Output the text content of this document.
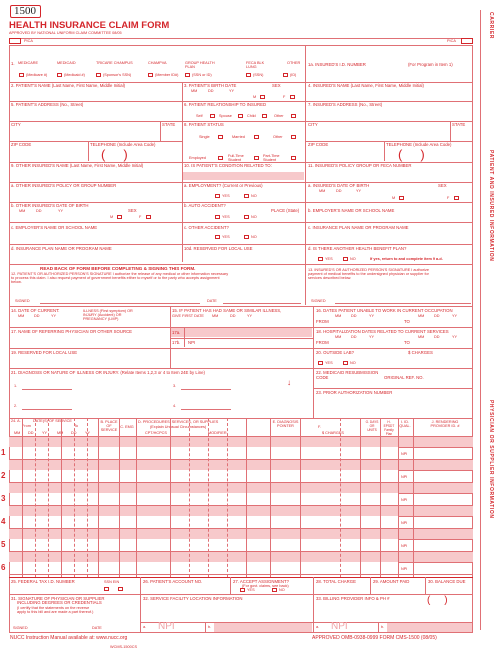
1500
HEALTH INSURANCE CLAIM FORM
APPROVED BY NATIONAL UNIFORM CLAIM COMMITTEE 08/05
PICA	PICA
CARRIER
PATIENT AND INSURED INFORMATION
PHYSICIAN OR SUPPLIER INFORMATION
1. MEDICARE	MEDICAID	TRICARE CHAMPUS	CHAMPVA	GROUP HEALTH PLAN
FECA BLK LUNG
OTHER
(Medicare #)	(Medicaid #)	(Sponsor's SSN)	(Member ID#)	(SSN or ID)	(SSN)	(ID)
1a. INSURED'S I.D. NUMBER	(For Program in Item 1)
2. PATIENT'S NAME (Last Name, First Name, Middle Initial)	3. PATIENT'S BIRTH DATE
MM	DD	YY
SEX
M	F
4. INSURED'S NAME (Last Name, First Name, Middle Initial)
5. PATIENT'S ADDRESS (No., Street)	6. PATIENT RELATIONSHIP TO INSURED
Self	Spouse	Child	Other
7. INSURED'S ADDRESS (No., Street)
CITY	STATE 8. PATIENT STATUS
Single	Married	Other
CITY	STATE
ZIP CODE	TELEPHONE (Include Area Code)
(     )	Employed	Full-Time Student
Part-Time Student
ZIP CODE	TELEPHONE (Include Area Code)
(     )
9. OTHER INSURED'S NAME (Last Name, First Name, Middle Initial)	10. IS PATIENT'S CONDITION RELATED TO:	11. INSURED'S POLICY GROUP OR FECA NUMBER
a. OTHER INSURED'S POLICY OR GROUP NUMBER	a. EMPLOYMENT? (Current or Previous)
YES	NO
a. INSURED'S DATE OF BIRTH
MM	DD	YY
SEX
M	F
b. OTHER INSURED'S DATE OF BIRTH
MM	DD	YY	SEX
M	F
b. AUTO ACCIDENT?
PLACE (State)
YES	NO
b. EMPLOYER'S NAME OR SCHOOL NAME
c. EMPLOYER'S NAME OR SCHOOL NAME	c. OTHER ACCIDENT?
YES	NO
c. INSURANCE PLAN NAME OR PROGRAM NAME
d. INSURANCE PLAN NAME OR PROGRAM NAME	10d. RESERVED FOR LOCAL USE	d. IS THERE ANOTHER HEALTH BENEFIT PLAN?
YES	NO	If yes, return to and complete item 9 a-d.
READ BACK OF FORM BEFORE COMPLETING & SIGNING THIS FORM.
12. PATIENT'S OR AUTHORIZED PERSON'S SIGNATURE I authorize the release of any medical or other information necessary
to process this claim. I also request payment of government benefits either to myself or to the party who accepts assignment
below.
SIGNED	DATE
13. INSURED'S OR AUTHORIZED PERSON'S SIGNATURE I authorize
payment of medical benefits to the undersigned physician or supplier for
services described below.
SIGNED
14. DATE OF CURRENT:
MM	DD	YY
ILLNESS (First symptom) OR
INJURY (Accident) OR
PREGNANCY (LMP)
15. IF PATIENT HAS HAD SAME OR SIMILAR ILLNESS,
GIVE FIRST DATE MM	DD	YY
16. DATES PATIENT UNABLE TO WORK IN CURRENT OCCUPATION
MM	DD	YY	MM	DD	YY
FROM	TO
17. NAME OF REFERRING PHYSICIAN OR OTHER SOURCE	17a.
17b. NPI
18. HOSPITALIZATION DATES RELATED TO CURRENT SERVICES
MM	DD	YY	MM	DD	YY
FROM	TO
19. RESERVED FOR LOCAL USE	20. OUTSIDE LAB?	$ CHARGES
YES	NO
21. DIAGNOSIS OR NATURE OF ILLNESS OR INJURY. (Relate Items 1,2,3 or 4 to Item 24E by Line)
1.	3.	↓
2.	4.
22. MEDICAID RESUBMISSION
CODE	ORIGINAL REF. NO.
23. PRIOR AUTHORIZATION NUMBER
24. A.	DATE(S) OF SERVICE
From	To
MM DD YY	MM DD YY
B. PLACE OF SERVICE
C. EMG
D. PROCEDURES, SERVICES, OR SUPPLIES
(Explain Unusual Circumstances)
CPT/HCPCS	MODIFIER
E. DIAGNOSIS POINTER	F.
$ CHARGES
G. DAYS OR UNITS
H. EPSDT Family Plan
I. ID. QUAL.
J. RENDERING PROVIDER ID. #
1	NPI
2	NPI
3	NPI
4	NPI
5	NPI
6	NPI
25. FEDERAL TAX I.D. NUMBER	SSN EIN	26. PATIENT'S ACCOUNT NO.	27. ACCEPT ASSIGNMENT?
(For govt. claims, see back)
YES	NO
28. TOTAL CHARGE	29. AMOUNT PAID	30. BALANCE DUE
31. SIGNATURE OF PHYSICIAN OR SUPPLIER
INCLUDING DEGREES OR CREDENTIALS
(I certify that the statements on the reverse
apply to this bill and are made a part thereof.)
32. SERVICE FACILITY LOCATION INFORMATION	33. BILLING PROVIDER INFO & PH #	(     )
a. NPI	b.	a. NPI	b.
SIGNED	DATE
NUCC Instruction Manual available at: www.nucc.org	APPROVED OMB-0938-0999 FORM CMS-1500 (08/05)
WCMS-1500CS
